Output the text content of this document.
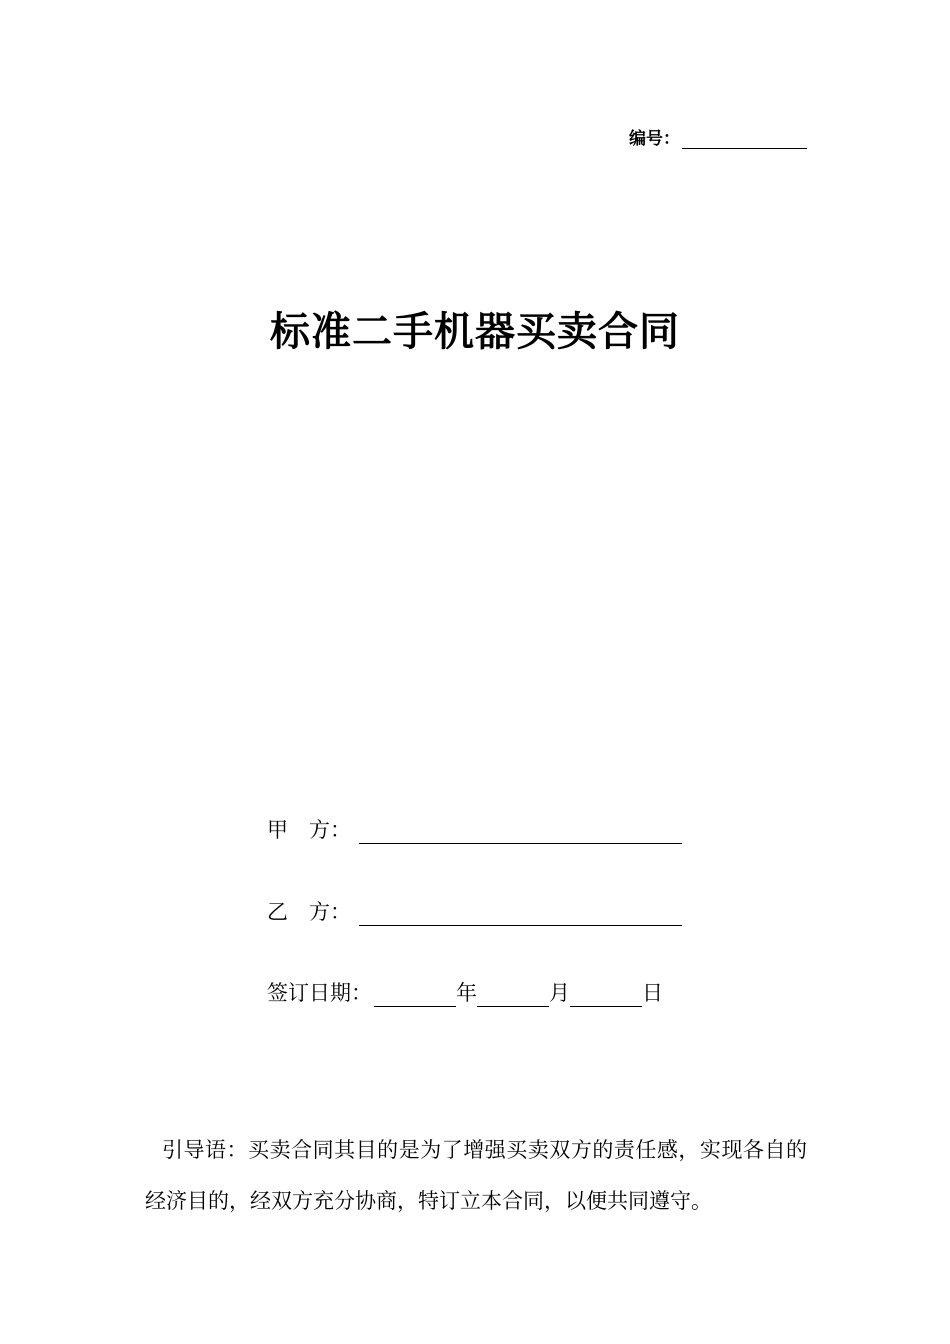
编号：
标准二手机器买卖合同
甲　方：
乙　方：
签订日期：	年	月	日
引导语：买卖合同其目的是为了增强买卖双方的责任感，实现各自的经济目的，经双方充分协商，特订立本合同，以便共同遵守。
